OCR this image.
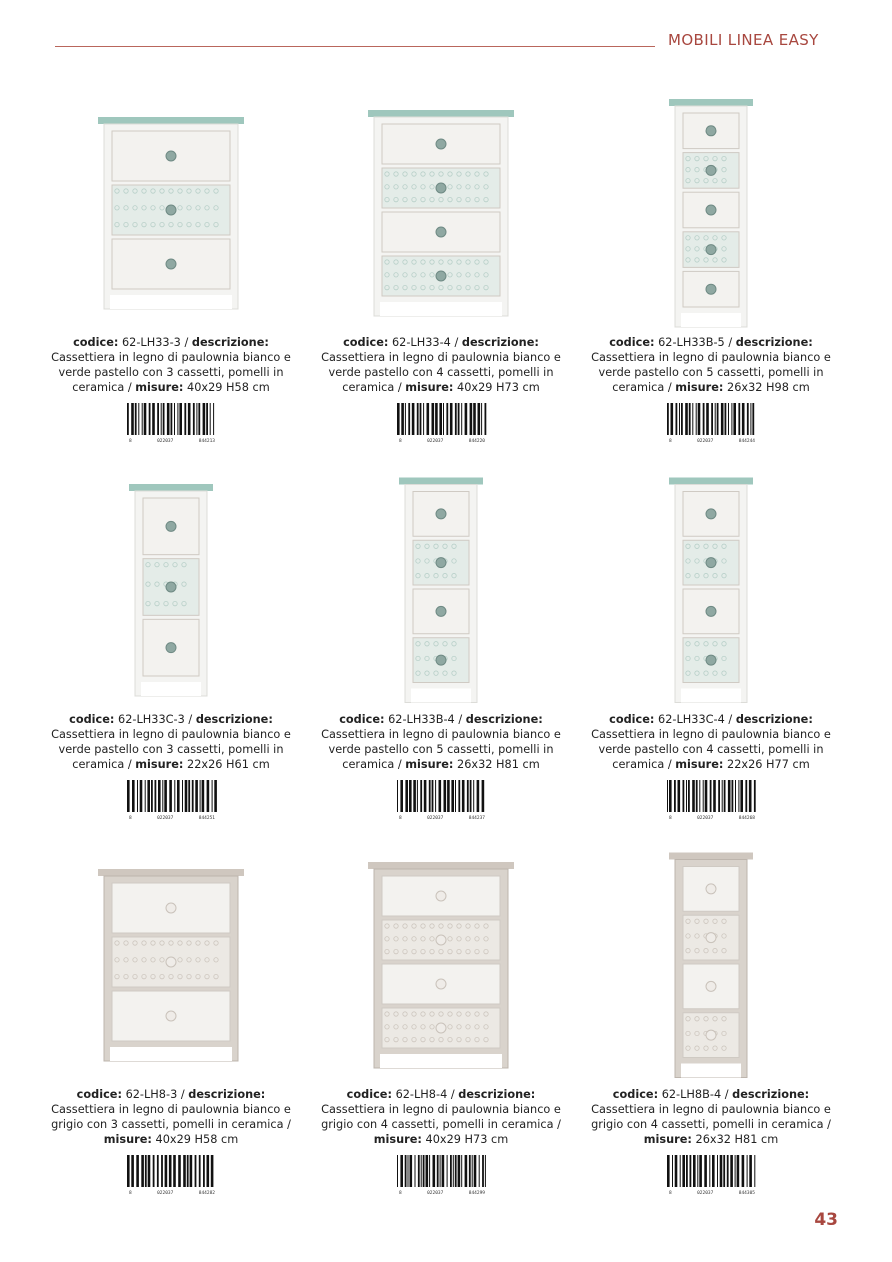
MOBILI LINEA EASY
codice: 62-LH33-3 / descrizione: Cassettiera in legno di paulownia bianco e verde pastello con 3 cassetti, pomelli in ceramica / misure: 40x29 H58 cm
8	022037	844213
codice: 62-LH33-4 / descrizione: Cassettiera in legno di paulownia bianco e verde pastello con 4 cassetti, pomelli in ceramica / misure: 40x29 H73 cm
8	022037	844220
codice: 62-LH33B-5 / descrizione: Cassettiera in legno di paulownia bianco e verde pastello con 5 cassetti, pomelli in ceramica / misure: 26x32 H98 cm
8	022037	844244
codice: 62-LH33C-3 / descrizione: Cassettiera in legno di paulownia bianco e verde pastello con 3 cassetti, pomelli in ceramica / misure: 22x26 H61 cm
8	022037	844251
codice: 62-LH33B-4 / descrizione: Cassettiera in legno di paulownia bianco e verde pastello con 5 cassetti, pomelli in ceramica / misure: 26x32 H81 cm
8	022037	844237
codice: 62-LH33C-4 / descrizione: Cassettiera in legno di paulownia bianco e verde pastello con 4 cassetti, pomelli in ceramica / misure: 22x26 H77 cm
8	022037	844268
codice: 62-LH8-3 / descrizione: Cassettiera in legno di paulownia bianco e grigio con 3 cassetti, pomelli in ceramica / misure: 40x29 H58 cm
8	022037	844282
codice: 62-LH8-4 / descrizione: Cassettiera in legno di paulownia bianco e grigio con 4 cassetti, pomelli in ceramica / misure: 40x29 H73 cm
8	022037	844299
codice: 62-LH8B-4 / descrizione: Cassettiera in legno di paulownia bianco e grigio con 4 cassetti, pomelli in ceramica / misure: 26x32 H81 cm
8	022037	844305
43
